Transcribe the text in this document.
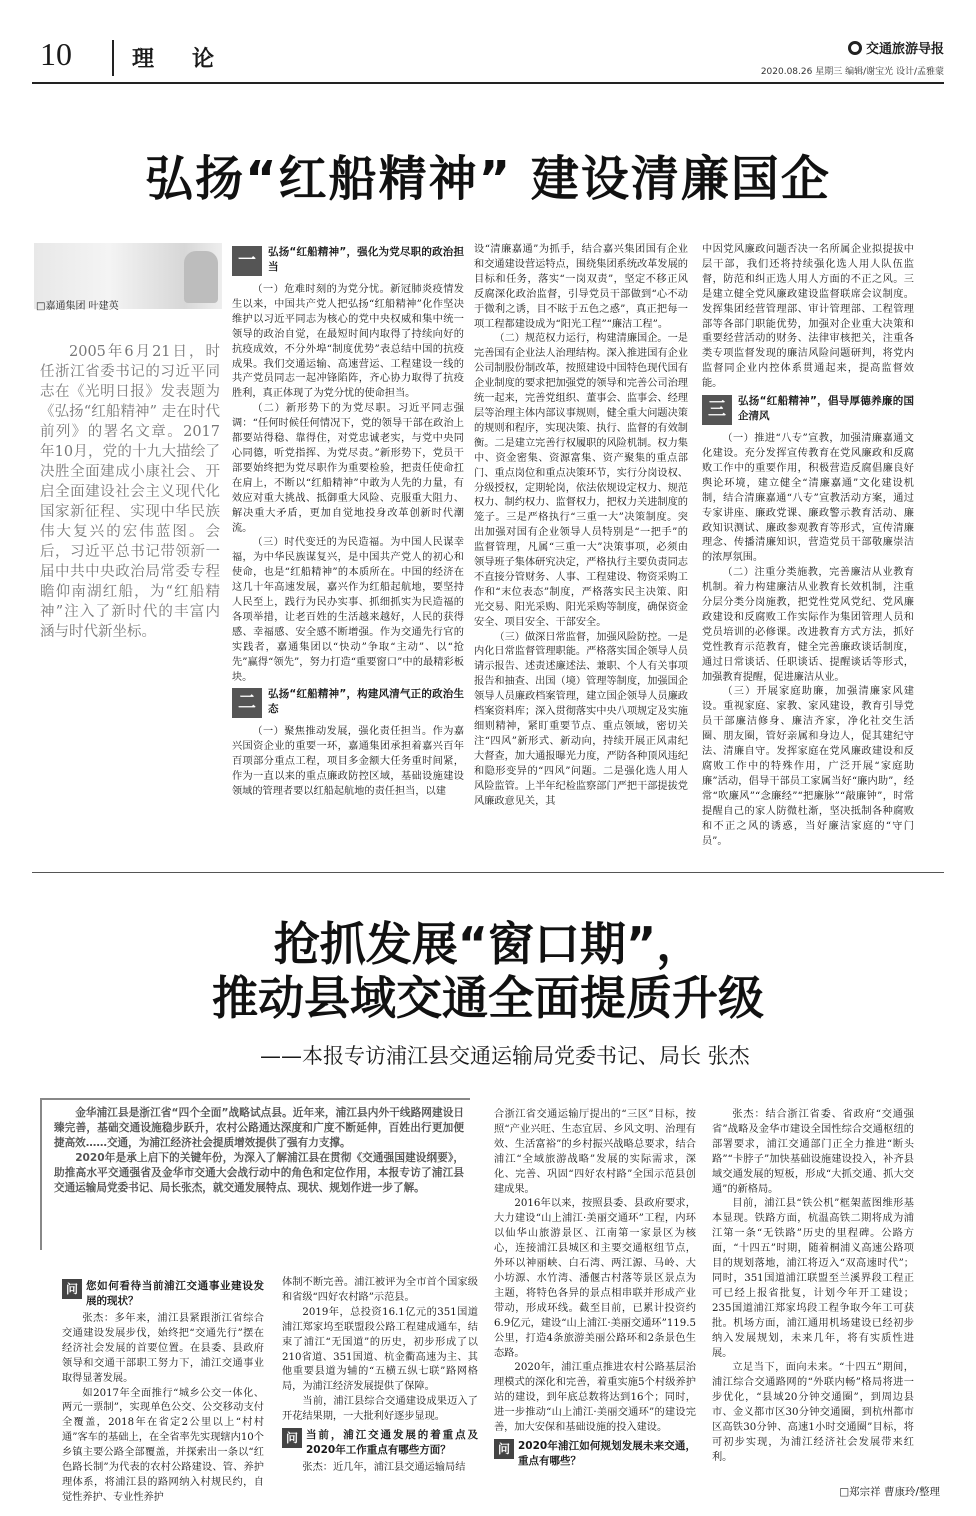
10	理论	交通旅游导报
2020.08.26 星期三 编辑/谢宝光 设计/孟雅蒙
弘扬“红船精神” 建设清廉国企
□嘉通集团 叶建英
2005年6月21日，时任浙江省委书记的习近平同志在《光明日报》发表题为《弘扬“红船精神” 走在时代前列》的署名文章。2017年10月，党的十九大描绘了决胜全面建成小康社会、开启全面建设社会主义现代化国家新征程、实现中华民族伟大复兴的宏伟蓝图。会后，习近平总书记带领新一届中共中央政治局常委专程瞻仰南湖红船，为“红船精神”注入了新时代的丰富内涵与时代新坐标。
一	弘扬“红船精神”，强化为党尽职的政治担当

（一）危难时刻的为党分忧。新冠肺炎疫情发生以来，中国共产党人把弘扬“红船精神”化作坚决维护以习近平同志为核心的党中央权威和集中统一领导的政治自觉，在最短时间内取得了持续向好的抗疫成效，不分外埠“制度优势”表总结中国的抗疫成果。我们交通运输、高速营运、工程建设一线的共产党员同志一起冲锋陷阵，齐心协力取得了抗疫胜利，真正体现了为党分忧的使命担当。

（二）新形势下的为党尽职。习近平同志强调：“任何时候任何情况下，党的领导干部在政治上都要站得稳、靠得住，对党忠诚老实，与党中央同心同德，听党指挥、为党尽责。”新形势下，党员干部要始终把为党尽职作为重要检验，把责任使命扛在肩上，不断以“红船精神”中敢为人先的力量，有效应对重大挑战、抵御重大风险、克服重大阻力、解决重大矛盾，更加自觉地投身改革创新时代潮流。

（三）时代变迁的为民造福。为中国人民谋幸福，为中华民族谋复兴，是中国共产党人的初心和使命，也是“红船精神”的本质所在。中国的经济在这几十年高速发展，嘉兴作为红船起航地，要坚持人民至上，践行为民办实事、抓细抓实为民造福的各项举措，让老百姓的生活越来越好，人民的获得感、幸福感、安全感不断增强。作为交通先行官的实践者，嘉通集团以“快动”争取“主动”、以“抢先”赢得“领先”，努力打造“重要窗口”中的最精彩板块。

二	弘扬“红船精神”，构建风清气正的政治生态

（一）聚焦推动发展，强化责任担当。作为嘉兴国资企业的重要一环，嘉通集团承担着嘉兴百年百项部分重点工程，项目多金额大任务重时间紧，作为一直以来的重点廉政防控区域，基础设施建设领域的管理者要以红船起航地的责任担当，以建

设“清廉嘉通”为抓手，结合嘉兴集团国有企业和交通建设营运特点，围绕集团系统改革发展的目标和任务，落实“一岗双责”，坚定不移正风反腐深化政治监督，引导党员干部做到“心不动于微利之诱，目不眩于五色之惑”，真正把每一项工程都建设成为“阳光工程”“廉洁工程”。

（二）规范权力运行，构建清廉国企。一是完善国有企业法人治理结构。深入推进国有企业公司制股份制改革，按照建设中国特色现代国有企业制度的要求把加强党的领导和完善公司治理统一起来，完善党组织、董事会、监事会、经理层等治理主体内部议事规则，健全重大问题决策的规则和程序，实现决策、执行、监督的有效制衡。二是建立完善行权履职的风险机制。权力集中、资金密集、资源富集、资产聚集的重点部门、重点岗位和重点决策环节，实行分岗设权、分级授权，定期轮岗，依法依规设定权力、规范权力、制约权力、监督权力，把权力关进制度的笼子。三是严格执行“三重一大”决策制度。突出加强对国有企业领导人员特别是“一把手”的监督管理，凡属“三重一大”决策事项，必须由领导班子集体研究决定，严格执行主要负责同志不直接分管财务、人事、工程建设、物资采购工作和“末位表态”制度，严格落实民主决策、阳光交易、阳光采购、阳光采购等制度，确保资金安全、项目安全、干部安全。

（三）做深日常监督，加强风险防控。一是内化日常监督管理职能。严格落实国企领导人员请示报告、述责述廉述法、兼职、个人有关事项报告和抽查、出国（境）管理等制度，加强国企领导人员廉政档案管理，建立国企领导人员廉政档案资料库；深入贯彻落实中央八项规定及实施细则精神，紧盯重要节点、重点领域，密切关注“四风”新形式、新动向，持续开展正风肃纪大督查，加大通报曝光力度，严防各种顶风违纪和隐形变异的“四风”问题。二是强化选人用人风险监管。上半年纪检监察部门严把干部提拔党风廉政意见关，其

中因党风廉政问题否决一名所属企业拟提拔中层干部，我们还将持续强化选人用人队伍监督，防范和纠正选人用人方面的不正之风。三是建立健全党风廉政建设监督联席会议制度。发挥集团经营管理部、审计管理部、工程管理部等各部门职能优势，加强对企业重大决策和重要经营活动的财务、法律审核把关，注重各类专项监督发现的廉洁风险问题研判，将党内监督同企业内控体系贯通起来，提高监督效能。

三	弘扬“红船精神”，倡导厚德养廉的国企清风

（一）推进“八专”宣教，加强清廉嘉通文化建设。充分发挥宣传教育在党风廉政和反腐败工作中的重要作用，积极营造反腐倡廉良好舆论环境，建立健全“清廉嘉通”文化建设机制，结合清廉嘉通“八专”宣教活动方案，通过专家讲座、廉政党课、廉政警示教育活动、廉政知识测试、廉政参观教育等形式，宣传清廉理念、传播清廉知识，营造党员干部敬廉崇洁的浓厚氛围。

（二）注重分类施教，完善廉洁从业教育机制。着力构建廉洁从业教育长效机制，注重分层分类分岗施教，把党性党风党纪、党风廉政建设和反腐败工作实际作为集团管理人员和党员培训的必修课。改进教育方式方法，抓好党性教育示范教育，健全完善廉政谈话制度，通过日常谈话、任职谈话、提醒谈话等形式，加强教育提醒，促进廉洁从业。

（三）开展家庭助廉，加强清廉家风建设。重视家庭、家教、家风建设，教育引导党员干部廉洁修身、廉洁齐家，净化社交生活圈、朋友圈，管好亲属和身边人，促其建纪守法、清廉自守。发挥家庭在党风廉政建设和反腐败工作中的特殊作用，广泛开展“家庭助廉”活动，倡导干部员工家属当好“廉内助”，经常“吹廉风”“念廉经”“把廉脉”“敲廉钟”，时常提醒自己的家人防微杜渐，坚决抵制各种腐败和不正之风的诱惑，当好廉洁家庭的“守门员”。

抢抓发展“窗口期”，
推动县域交通全面提质升级
——本报专访浦江县交通运输局党委书记、局长 张杰

金华浦江县是浙江省“四个全面”战略试点县。近年来，浦江县内外干线路网建设日臻完善，基础交通设施稳步跃升，农村公路通达深度和广度不断延伸，百姓出行更加便捷高效……交通，为浦江经济社会提质增效提供了强有力支撑。

2020年是承上启下的关键年份，为深入了解浦江县在贯彻《交通强国建设纲要》，助推高水平交通强省及金华市交通大会战行动中的角色和定位作用，本报专访了浦江县交通运输局党委书记、局长张杰，就交通发展特点、现状、规划作进一步了解。

问 您如何看待当前浦江交通事业建设发展的现状？

张杰：多年来，浦江县紧跟浙江省综合交通建设发展步伐，始终把“交通先行”摆在经济社会发展的首要位置。在县委、县政府领导和交通干部职工努力下，浦江交通事业取得显著发展。

如2017年全面推行“城乡公交一体化、两元一票制”，实现单色公交、公交移动支付全覆盖，2018年在省定2公里以上“村村通”客车的基础上，在全省率先实现辖内10个乡镇主要公路全部覆盖，并探索出一条以“红色路长制”为代表的农村公路建设、管、养护理体系，将浦江县的路网纳入村规民约，自觉性养护、专业性养护

体制不断完善。浦江被评为全市首个国家级和省级“四好农村路”示范县。

2019年，总投资16.1亿元的351国道浦江郑家坞至联盟段公路工程建成通车，结束了浦江“无国道”的历史，初步形成了以210省道、351国道、杭金衢高速为主、其他重要县道为辅的“五横五纵七联”路网格局，为浦江经济发展提供了保障。

当前，浦江县综合交通建设成果迈入了开花结果期，一大批利好逐步显现。

问 当前，浦江交通发展的着重点及2020年工作重点有哪些方面？

张杰：近几年，浦江县交通运输局结

合浙江省交通运输厅提出的“三区”目标，按照“产业兴旺、生态宜居、乡风文明、治理有效、生活富裕”的乡村振兴战略总要求，结合浦江“全域旅游战略”发展的实际需求，深化、完善、巩固“四好农村路”全国示范县创建成果。

2016年以来，按照县委、县政府要求，大力建设“山上浦江·美丽交通环”工程，内环以仙华山旅游景区、江南第一家景区为核心，连接浦江县城区和主要交通枢纽节点，外环以神丽峡、白石湾、两江源、马岭、大小坊源、水竹湾、潘偃古村落等景区景点为主题，将特色各异的景点相串联并形成产业带动，形成环线。截至目前，已累计投资约6.9亿元，建设“山上浦江·美丽交通环”119.5公里，打造4条旅游美丽公路环和2条景色生态路。

2020年，浦江重点推进农村公路基层治理模式的深化和完善，着重实施5个村级养护站的建设，到年底总数将达到16个；同时，进一步推动“山上浦江·美丽交通环”的建设完善，加大安保和基础设施的投入建设。

问 2020年浦江如何规划发展未来交通，重点有哪些？

张杰：结合浙江省委、省政府“交通强省”战略及金华市建设全国性综合交通枢纽的部署要求，浦江交通部门正全力推进“断头路”“卡脖子”加快基础设施建设投入，补齐县域交通发展的短板，形成“大抓交通、抓大交通”的新格局。

目前，浦江县“铁公机”框架蓝图维形基本显现。铁路方面，杭温高铁二期将成为浦江第一条“无铁路”历史的里程碑。公路方面，“十四五”时期，随着桐浦义高速公路项目的规划落地，浦江将迈入“双高速时代”；同时，351国道浦江联盟至兰溪界段工程正可已经上报省批复，计划今年开工建设；235国道浦江郑家坞段工程争取今年工可获批。机场方面，浦江通用机场建设已经初步纳入发展规划，未来几年，将有实质性进展。

立足当下，面向未来。“十四五”期间，浦江综合交通路网的“外联内畅”格局将进一步优化，“县域20分钟交通圈”，到周边县市、金义都市区30分钟交通圈，到杭州都市区高铁30分钟、高速1小时交通圈”目标，将可初步实现，为浦江经济社会发展带来红利。

□郑宗祥 曹康玲/整理
